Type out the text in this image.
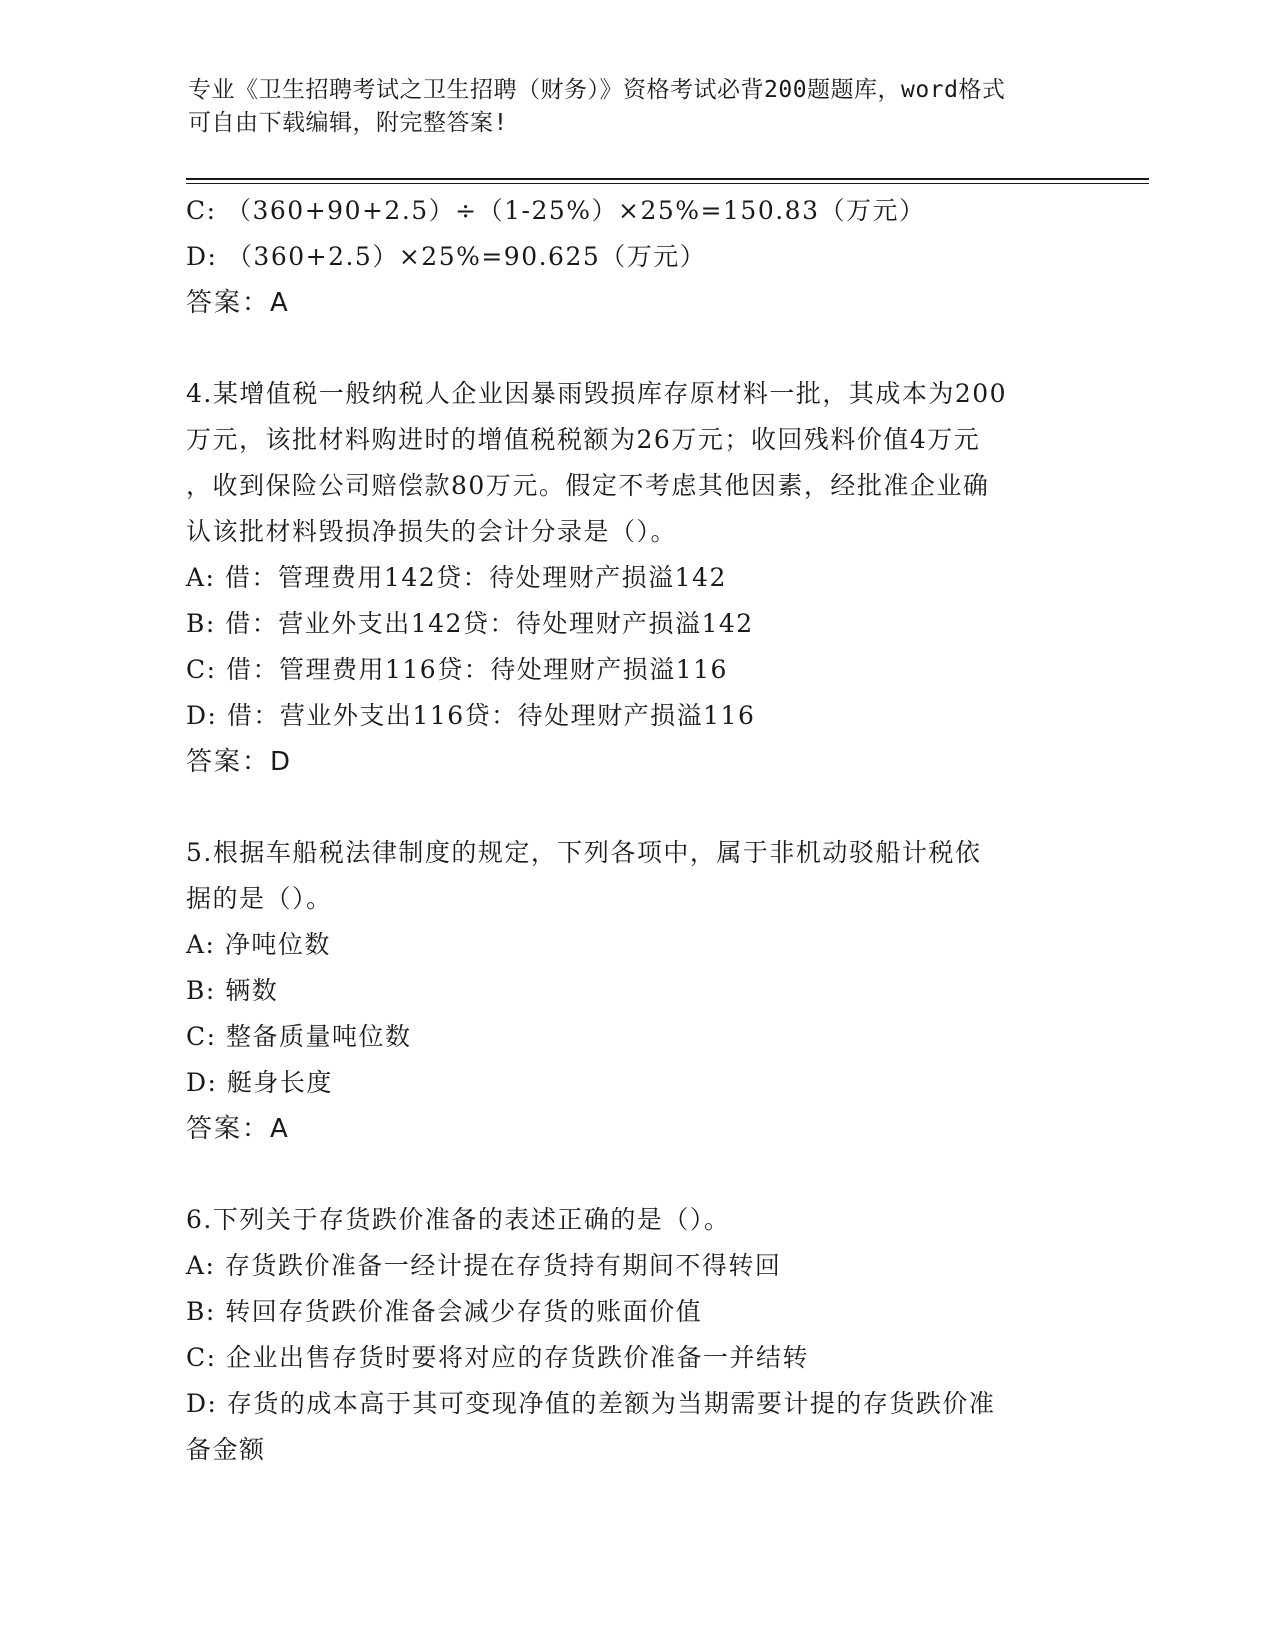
专业《卫生招聘考试之卫生招聘（财务）》资格考试必背200题题库，word格式
可自由下载编辑，附完整答案!
C: （360+90+2.5）÷（1-25%）×25%=150.83（万元）
D: （360+2.5）×25%=90.625（万元）
答案：A
4.某增值税一般纳税人企业因暴雨毁损库存原材料一批，其成本为200
万元，该批材料购进时的增值税税额为26万元；收回残料价值4万元
，收到保险公司赔偿款80万元。假定不考虑其他因素，经批准企业确
认该批材料毁损净损失的会计分录是（）。
A: 借：管理费用142贷：待处理财产损溢142
B: 借：营业外支出142贷：待处理财产损溢142
C: 借：管理费用116贷：待处理财产损溢116
D: 借：营业外支出116贷：待处理财产损溢116
答案：D
5.根据车船税法律制度的规定，下列各项中，属于非机动驳船计税依
据的是（）。
A: 净吨位数
B: 辆数
C: 整备质量吨位数
D: 艇身长度
答案：A
6.下列关于存货跌价准备的表述正确的是（）。
A: 存货跌价准备一经计提在存货持有期间不得转回
B: 转回存货跌价准备会减少存货的账面价值
C: 企业出售存货时要将对应的存货跌价准备一并结转
D: 存货的成本高于其可变现净值的差额为当期需要计提的存货跌价准
备金额
